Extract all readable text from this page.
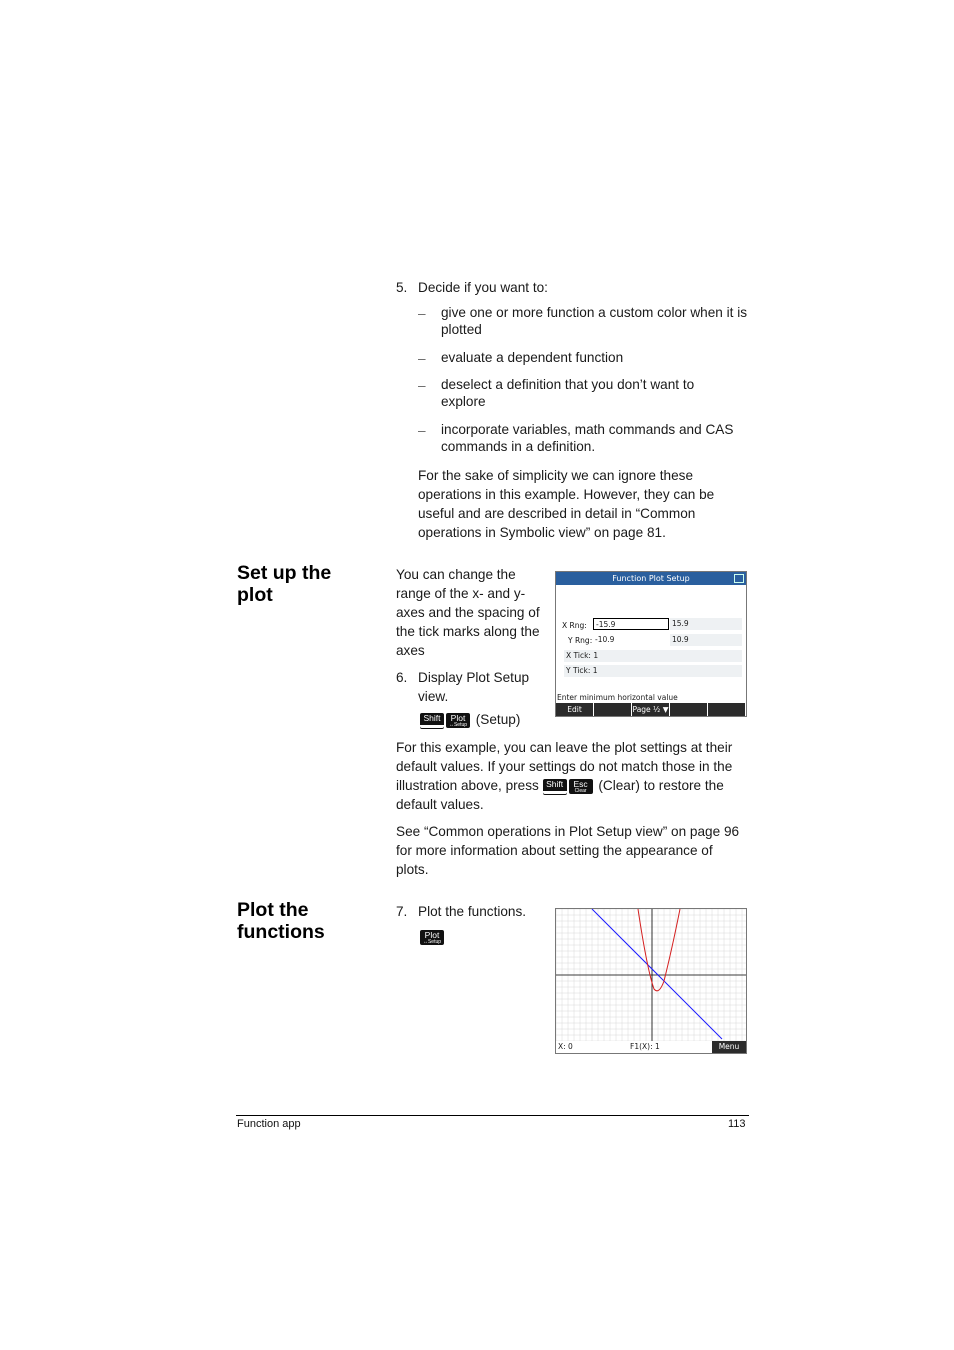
5. Decide if you want to:
– give one or more function a custom color when it is plotted
– evaluate a dependent function
– deselect a definition that you don’t want to explore
– incorporate variables, math commands and CAS commands in a definition.
For the sake of simplicity we can ignore these operations in this example. However, they can be useful and are described in detail in “Common operations in Symbolic view” on page 81.
Set up the
plot
You can change the range of the x- and y-axes and the spacing of the tick marks along the axes
6. Display Plot Setup view.
Shift	Plot
↔Setup (Setup)
Function Plot Setup
X Rng:	-15.9	15.9
Y Rng: -10.9	10.9
X Tick: 1
Y Tick: 1
Enter minimum horizontal value
Edit	Page ½ ▼
For this example, you can leave the plot settings at their default values. If your settings do not match those in the illustration above, press Shift	Esc
Clear (Clear) to restore the default values.
See “Common operations in Plot Setup view” on page 96 for more information about setting the appearance of plots.
Plot the
functions
7. Plot the functions.
Plot
↔Setup
X: 0	F1(X): 1	Menu
Function app	113
